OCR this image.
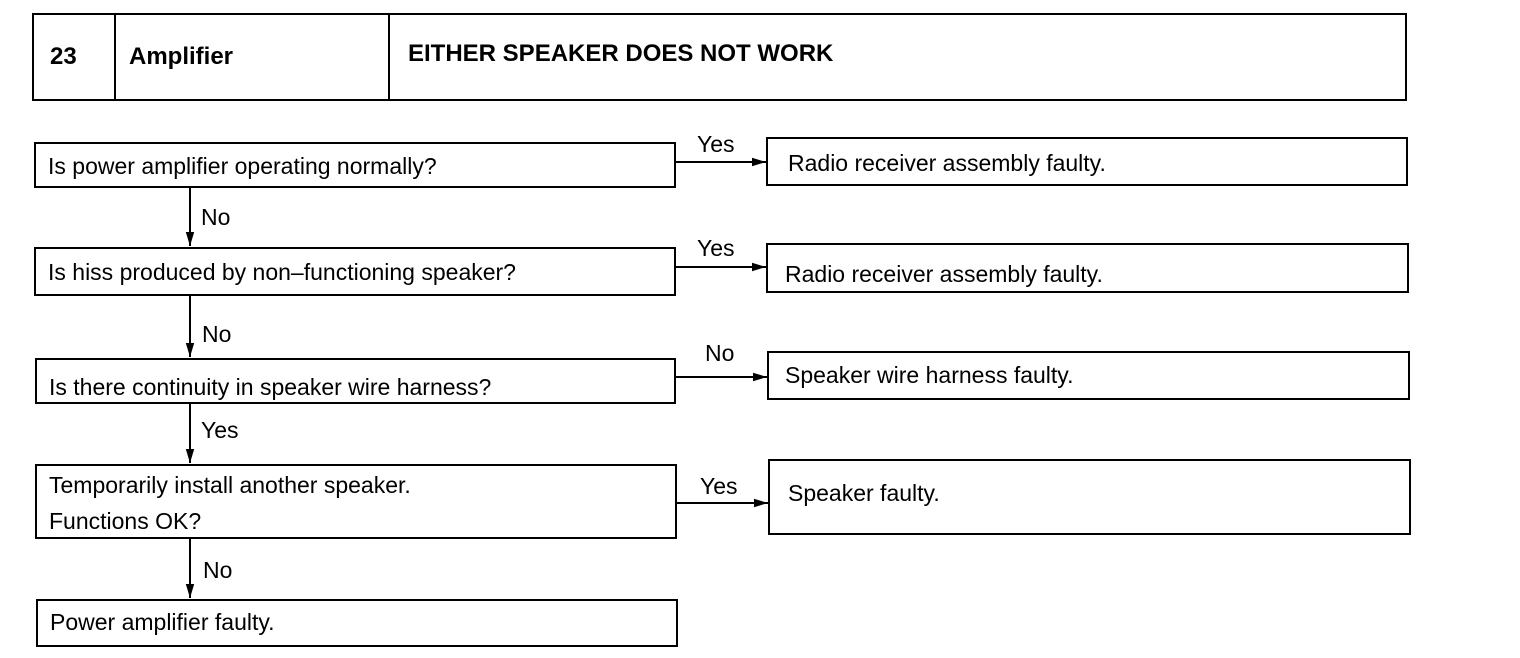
23	Amplifier	EITHER SPEAKER DOES NOT WORK
Is power amplifier operating normally?
Is hiss produced by non–functioning speaker?
Is there continuity in speaker wire harness?
Temporarily install another speaker.
Functions OK?
Power amplifier faulty.
Radio receiver assembly faulty.
Radio receiver assembly faulty.
Speaker wire harness faulty.
Speaker faulty.
Yes
No
Yes
No
No
Yes
Yes
No
